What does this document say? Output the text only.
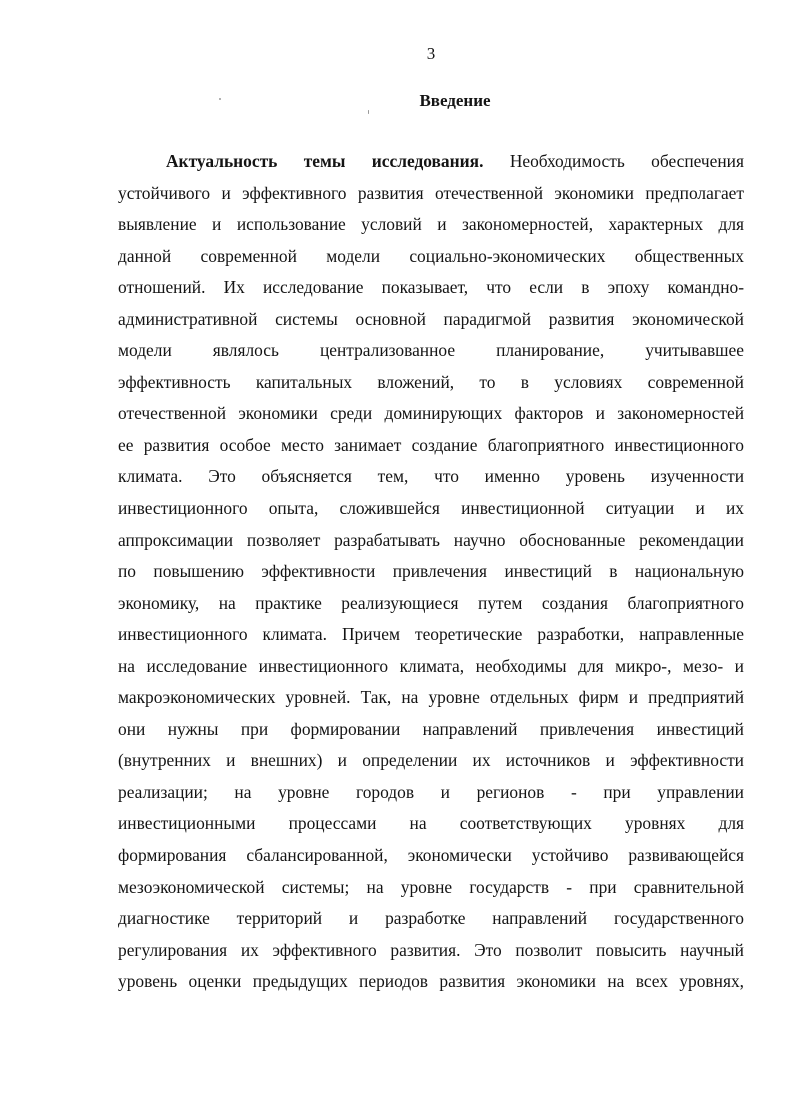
3
Введение
Актуальность темы исследования. Необходимость обеспечения
устойчивого и эффективного развития отечественной экономики предполагает
выявление и использование условий и закономерностей, характерных для
данной современной модели социально-экономических общественных
отношений. Их исследование показывает, что если в эпоху командно-
административной системы основной парадигмой развития экономической
модели являлось централизованное планирование, учитывавшее
эффективность капитальных вложений, то в условиях современной
отечественной экономики среди доминирующих факторов и закономерностей
ее развития особое место занимает создание благоприятного инвестиционного
климата. Это объясняется тем, что именно уровень изученности
инвестиционного опыта, сложившейся инвестиционной ситуации и их
аппроксимации позволяет разрабатывать научно обоснованные рекомендации
по повышению эффективности привлечения инвестиций в национальную
экономику, на практике реализующиеся путем создания благоприятного
инвестиционного климата. Причем теоретические разработки, направленные
на исследование инвестиционного климата, необходимы для микро-, мезо- и
макроэкономических уровней. Так, на уровне отдельных фирм и предприятий
они нужны при формировании направлений привлечения инвестиций
(внутренних и внешних) и определении их источников и эффективности
реализации; на уровне городов и регионов - при управлении
инвестиционными процессами на соответствующих уровнях для
формирования сбалансированной, экономически устойчиво развивающейся
мезоэкономической системы; на уровне государств - при сравнительной
диагностике территорий и разработке направлений государственного
регулирования их эффективного развития. Это позволит повысить научный
уровень оценки предыдущих периодов развития экономики на всех уровнях,
